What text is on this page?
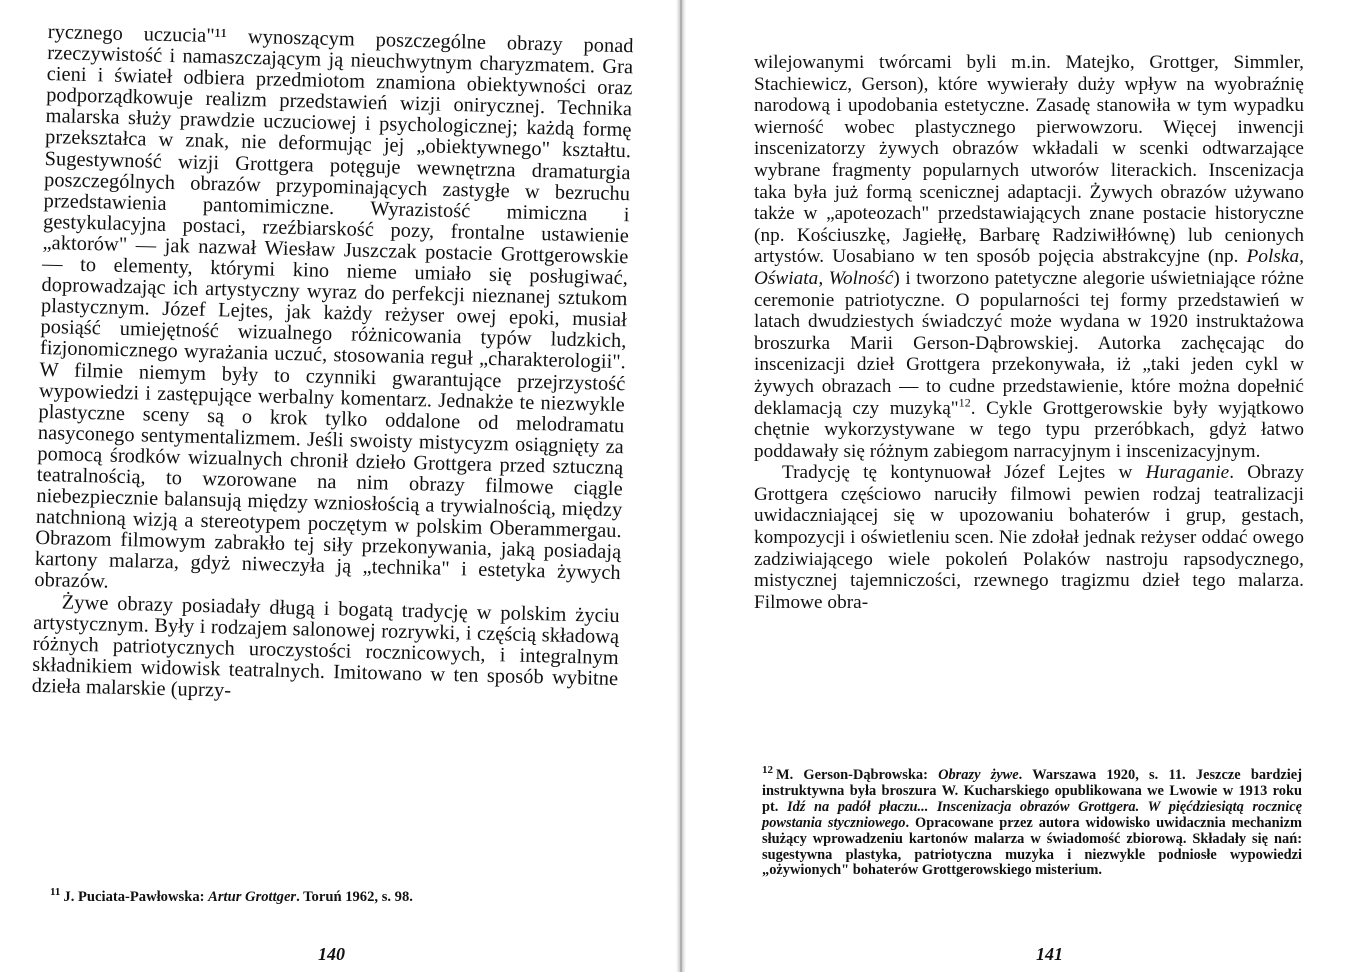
rycznego uczucia"¹¹ wynoszącym poszczególne obrazy ponad rzeczywistość i namaszczającym ją nieuchwytnym charyzmatem. Gra cieni i świateł odbiera przedmiotom znamiona obiektywności oraz podporządkowuje realizm przedstawień wizji onirycznej. Technika malarska służy prawdzie uczuciowej i psychologicznej; każdą formę przekształca w znak, nie deformując jej „obiektywnego" kształtu. Sugestywność wizji Grottgera potęguje wewnętrzna dramaturgia poszczególnych obrazów przypominających zastygłe w bezruchu przedstawienia pantomimiczne. Wyrazistość mimiczna i gestykulacyjna postaci, rzeźbiarskość pozy, frontalne ustawienie „aktorów" — jak nazwał Wiesław Juszczak postacie Grottgerowskie — to elementy, którymi kino nieme umiało się posługiwać, doprowadzając ich artystyczny wyraz do perfekcji nieznanej sztukom plastycznym. Józef Lejtes, jak każdy reżyser owej epoki, musiał posiąść umiejętność wizualnego różnicowania typów ludzkich, fizjonomicznego wyrażania uczuć, stosowania reguł „charakterologii". W filmie niemym były to czynniki gwarantujące przejrzystość wypowiedzi i zastępujące werbalny komentarz. Jednakże te niezwykle plastyczne sceny są o krok tylko oddalone od melodramatu nasyconego sentymentalizmem. Jeśli swoisty mistycyzm osiągnięty za pomocą środków wizualnych chronił dzieło Grottgera przed sztuczną teatralnością, to wzorowane na nim obrazy filmowe ciągle niebezpiecznie balansują między wzniosłością a trywialnością, między natchnioną wizją a stereotypem poczętym w polskim Oberammergau. Obrazom filmowym zabrakło tej siły przekonywania, jaką posiadają kartony malarza, gdyż niweczyła ją „technika" i estetyka żywych obrazów.

Żywe obrazy posiadały długą i bogatą tradycję w polskim życiu artystycznym. Były i rodzajem salonowej rozrywki, i częścią składową różnych patriotycznych uroczystości rocznicowych, i integralnym składnikiem widowisk teatralnych. Imitowano w ten sposób wybitne dzieła malarskie (uprzy-

$^{11}$ J. Puciata-Pawłowska: Artur Grottger. Toruń 1962, s. 98.
140

wilejowanymi twórcami byli m.in. Matejko, Grottger, Simmler, Stachiewicz, Gerson), które wywierały duży wpływ na wyobraźnię narodową i upodobania estetyczne. Zasadę stanowiła w tym wypadku wierność wobec plastycznego pierwowzoru. Więcej inwencji inscenizatorzy żywych obrazów wkładali w scenki odtwarzające wybrane fragmenty popularnych utworów literackich. Inscenizacja taka była już formą scenicznej adaptacji. Żywych obrazów używano także w „apoteozach" przedstawiających znane postacie historyczne (np. Kościuszkę, Jagiełłę, Barbarę Radziwiłłównę) lub cenionych artystów. Uosabiano w ten sposób pojęcia abstrakcyjne (np. Polska, Oświata, Wolność) i tworzono patetyczne alegorie uświetniające różne ceremonie patriotyczne. O popularności tej formy przedstawień w latach dwudziestych świadczyć może wydana w 1920 instruktażowa broszurka Marii Gerson-Dąbrowskiej. Autorka zachęcając do inscenizacji dzieł Grottgera przekonywała, iż „taki jeden cykl w żywych obrazach — to cudne przedstawienie, które można dopełnić deklamacją czy muzyką"$^{12}$. Cykle Grottgerowskie były wyjątkowo chętnie wykorzystywane w tego typu przeróbkach, gdyż łatwo poddawały się różnym zabiegom narracyjnym i inscenizacyjnym.

Tradycję tę kontynuował Józef Lejtes w Huraganie. Obrazy Grottgera częściowo naruciły filmowi pewien rodzaj teatralizacji uwidaczniającej się w upozowaniu bohaterów i grup, gestach, kompozycji i oświetleniu scen. Nie zdołał jednak reżyser oddać owego zadziwiającego wiele pokoleń Polaków nastroju rapsodycznego, mistycznej tajemniczości, rzewnego tragizmu dzieł tego malarza. Filmowe obra-

$^{12}$ M. Gerson-Dąbrowska: Obrazy żywe. Warszawa 1920, s. 11. Jeszcze bardziej instruktywna była broszura W. Kucharskiego opublikowana we Lwowie w 1913 roku pt. Idź na padół płaczu... Inscenizacja obrazów Grottgera. W pięćdziesiątą rocznicę powstania styczniowego. Opracowane przez autora widowisko uwidacznia mechanizm służący wprowadzeniu kartonów malarza w świadomość zbiorową. Składały się nań: sugestywna plastyka, patriotyczna muzyka i niezwykle podniosłe wypowiedzi „ożywionych" bohaterów Grottgerowskiego misterium.
141
